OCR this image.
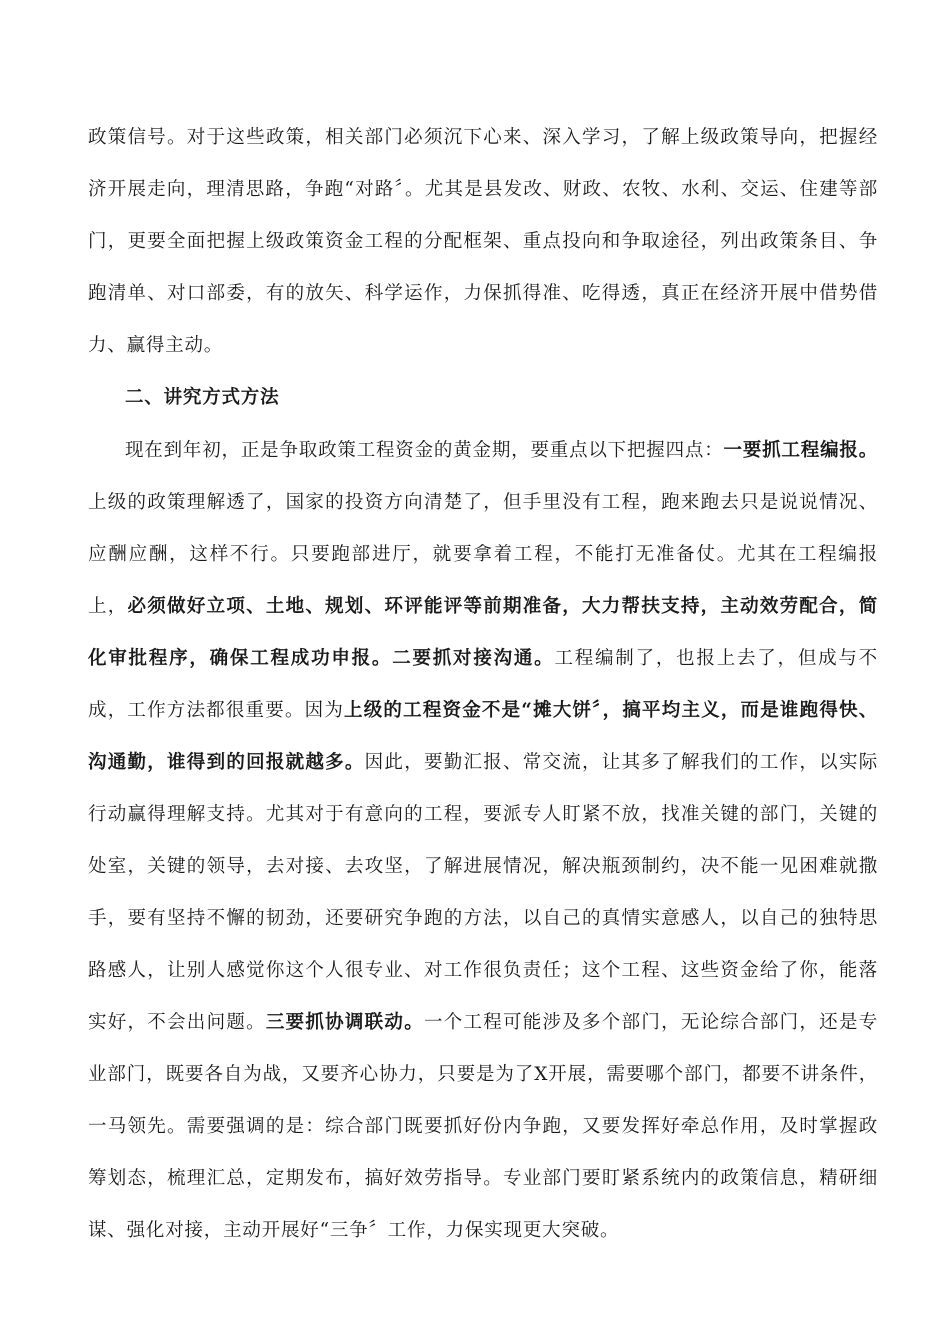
政策信号。对于这些政策，相关部门必须沉下心来、深入学习，了解上级政策导向，把握经济开展走向，理清思路，争跑“对路〞。尤其是县发改、财政、农牧、水利、交运、住建等部门，更要全面把握上级政策资金工程的分配框架、重点投向和争取途径，列出政策条目、争跑清单、对口部委，有的放矢、科学运作，力保抓得准、吃得透，真正在经济开展中借势借力、赢得主动。
二、讲究方式方法
现在到年初，正是争取政策工程资金的黄金期，要重点以下把握四点：一要抓工程编报。上级的政策理解透了，国家的投资方向清楚了，但手里没有工程，跑来跑去只是说说情况、应酬应酬，这样不行。只要跑部进厅，就要拿着工程，不能打无准备仗。尤其在工程编报上，必须做好立项、土地、规划、环评能评等前期准备，大力帮扶支持，主动效劳配合，简化审批程序，确保工程成功申报。二要抓对接沟通。工程编制了，也报上去了，但成与不成，工作方法都很重要。因为上级的工程资金不是“摊大饼〞，搞平均主义，而是谁跑得快、沟通勤，谁得到的回报就越多。因此，要勤汇报、常交流，让其多了解我们的工作，以实际行动赢得理解支持。尤其对于有意向的工程，要派专人盯紧不放，找准关键的部门，关键的处室，关键的领导，去对接、去攻坚，了解进展情况，解决瓶颈制约，决不能一见困难就撒手，要有坚持不懈的韧劲，还要研究争跑的方法，以自己的真情实意感人，以自己的独特思路感人，让别人感觉你这个人很专业、对工作很负责任；这个工程、这些资金给了你，能落实好，不会出问题。三要抓协调联动。一个工程可能涉及多个部门，无论综合部门，还是专业部门，既要各自为战，又要齐心协力，只要是为了X开展，需要哪个部门，都要不讲条件，一马领先。需要强调的是：综合部门既要抓好份内争跑，又要发挥好牵总作用，及时掌握政筹划态，梳理汇总，定期发布，搞好效劳指导。专业部门要盯紧系统内的政策信息，精研细谋、强化对接，主动开展好“三争〞工作，力保实现更大突破。
